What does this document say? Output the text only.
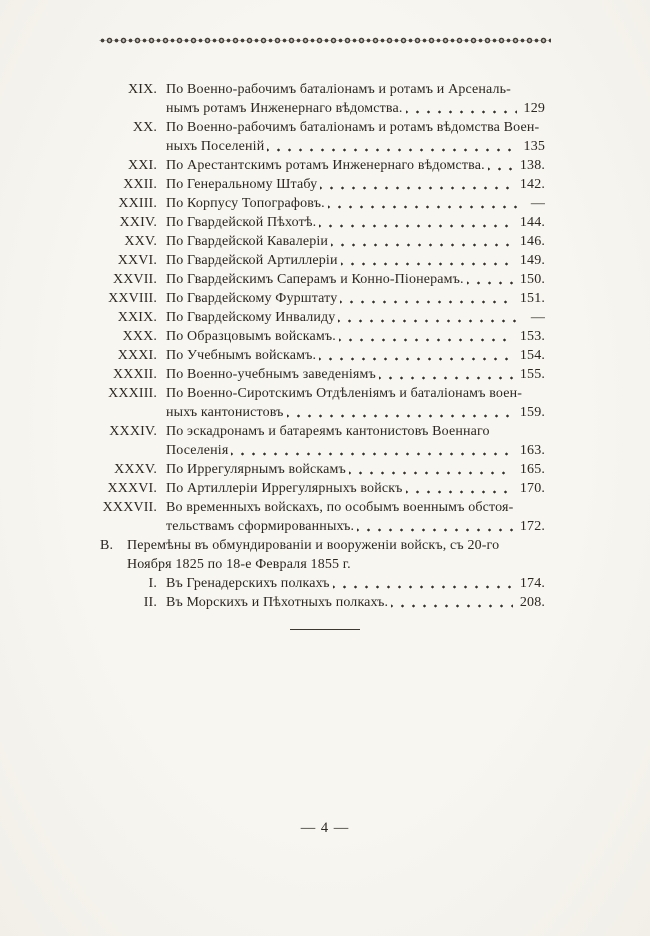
XIX. По Военно-рабочимъ баталіонамъ и ротамъ и Арсеналь-
нымъ ротамъ Инженернаго вѣдомства.	129
XX. По Военно-рабочимъ баталіонамъ и ротамъ вѣдомства Воен-
ныхъ Поселеній	135
XXI. По Арестантскимъ ротамъ Инженернаго вѣдомства.	138.
XXII. По Генеральному Штабу	142.
XXIII. По Корпусу Топографовъ.	—
XXIV. По Гвардейской Пѣхотѣ.	144.
XXV. По Гвардейской Кавалеріи	146.
XXVI. По Гвардейской Артиллеріи	149.
XXVII. По Гвардейскимъ Саперамъ и Конно-Піонерамъ.	150.
XXVIII. По Гвардейскому Фурштату	151.
XXIX. По Гвардейскому Инвалиду	—
XXX. По Образцовымъ войскамъ.	153.
XXXI. По Учебнымъ войскамъ.	154.
XXXII. По Военно-учебнымъ заведеніямъ	155.
XXXIII. По Военно-Сиротскимъ Отдѣленіямъ и баталіонамъ воен-
ныхъ кантонистовъ	159.
XXXIV. По эскадронамъ и батареямъ кантонистовъ Военнаго
Поселенія	163.
XXXV. По Иррегулярнымъ войскамъ	165.
XXXVI. По Артиллеріи Иррегулярныхъ войскъ	170.
XXXVII. Во временныхъ войскахъ, по особымъ военнымъ обстоя-
тельствамъ сформированныхъ.	172.
В. Перемѣны въ обмундированіи и вооруженіи войскъ, съ 20-го
Ноября 1825 по 18-е Февраля 1855 г.
I. Въ Гренадерскихъ полкахъ	174.
II. Въ Морскихъ и Пѣхотныхъ полкахъ.	208.
— 4 —
